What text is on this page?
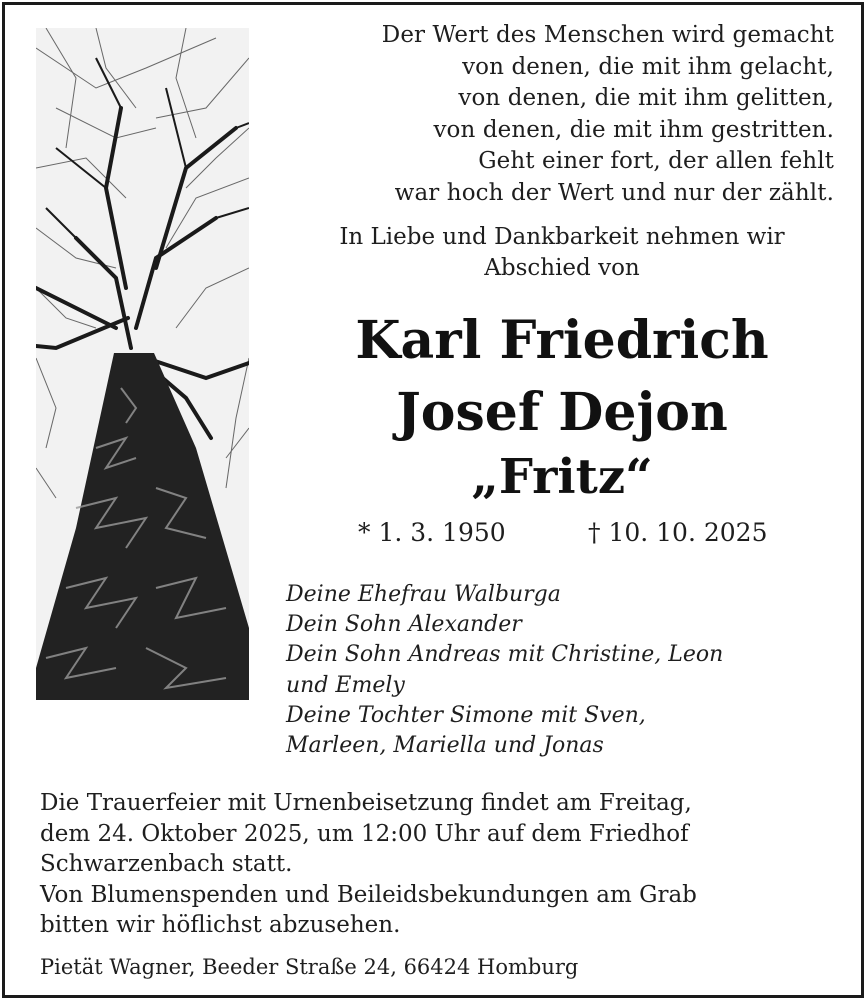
Der Wert des Menschen wird gemacht
von denen, die mit ihm gelacht,
von denen, die mit ihm gelitten,
von denen, die mit ihm gestritten.
Geht einer fort, der allen fehlt
war hoch der Wert und nur der zählt.
In Liebe und Dankbarkeit nehmen wir
Abschied von
Karl Friedrich
Josef Dejon
„Fritz“
* 1. 3. 1950	† 10. 10. 2025
Deine Ehefrau Walburga
Dein Sohn Alexander
Dein Sohn Andreas mit Christine, Leon
und Emely
Deine Tochter Simone mit Sven,
Marleen, Mariella und Jonas
Die Trauerfeier mit Urnenbeisetzung findet am Freitag,
dem 24. Oktober 2025, um 12:00 Uhr auf dem Friedhof
Schwarzenbach statt.
Von Blumenspenden und Beileidsbekundungen am Grab
bitten wir höflichst abzusehen.
Pietät Wagner, Beeder Straße 24, 66424 Homburg
